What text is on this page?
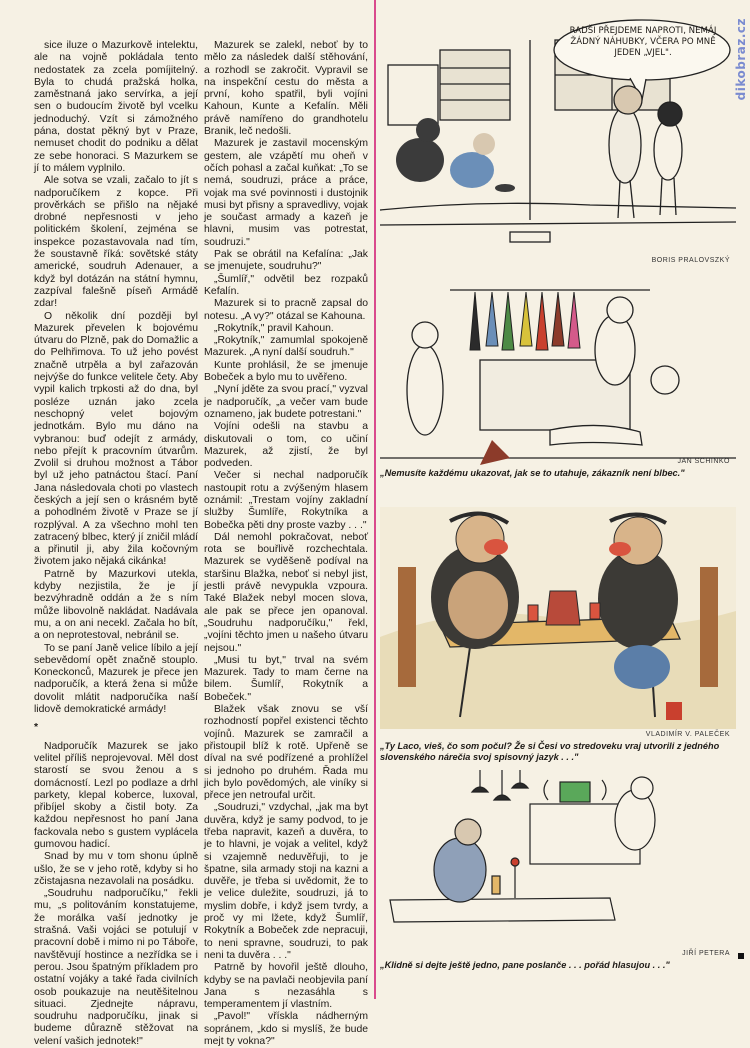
dikobraz.cz

sice iluze o Mazurkově intelektu, ale na vojně pokládala tento nedostatek za zcela pomíjitelný. Byla to chudá pražská holka, zaměstnaná jako servírka, a její sen o budoucím životě byl vcelku jednoduchý. Vzít si zámožného pána, dostat pěkný byt v Praze, nemuset chodit do podniku a dělat ze sebe honoraci. S Mazurkem se jí to málem vyplnilo.

Ale sotva se vzali, začalo to jít s nadporučíkem z kopce. Při prověrkách se přišlo na nějaké drobné nepřesnosti v jeho politickém školení, zejména se inspekce pozastavovala nad tím, že soustavně říká: sovětské státy americké, soudruh Adenauer, a když byl dotázán na státní hymnu, zazpíval falešně píseň Armádě zdar!

O několik dní později byl Mazurek převelen k bojovému útvaru do Plzně, pak do Domažlic a do Pelhřimova. To už jeho povést značně utrpěla a byl zařazován nejvýše do funkce velitele čety. Aby vypil kalich trpkosti až do dna, byl posléze uznán jako zcela neschopný velet bojovým jednotkám. Bylo mu dáno na vybranou: buď odejít z armády, nebo přejít k pracovním útvarům. Zvolil si druhou možnost a Tábor byl už jeho patnáctou štací. Paní Jana následovala choti po vlastech českých a její sen o krásném bytě a pohodlném životě v Praze se jí rozplýval. A za všechno mohl ten zatracený blbec, který jí zničil mládí a přinutil ji, aby žila kočovným životem jako nějaká cikánka!

Patrně by Mazurkovi utekla, kdyby nezjistila, že je jí bezvýhradně oddán a že s ním může libovolně nakládat. Nadávala mu, a on ani necekl. Začala ho bít, a on neprotestoval, nebránil se.

To se paní Janě velice líbilo a její sebevědomí opět značně stouplo. Koneckonců, Mazurek je přece jen nadporučík, a která žena si může dovolit mlátit nadporučíka naší lidově demokratické armády!

*

Nadporučík Mazurek se jako velitel příliš neprojevoval. Měl dost starostí se svou ženou a s domácností. Lezl po podlaze a drhl parkety, klepal koberce, luxoval, přibíjel skoby a čistil boty. Za každou nepřesnost ho paní Jana fackovala nebo s gustem vyplácela gumovou hadicí.

Snad by mu v tom shonu úplně ušlo, že se v jeho rotě, kdyby si ho zčistajasna nezavolali na posádku.

„Soudruhu nadporučíku," řekli mu, „s politováním konstatujeme, že morálka vaší jednotky je strašná. Vaši vojáci se potulují v pracovní době i mimo ni po Táboře, navštěvují hostince a nezřídka se i perou. Jsou špatným příkladem pro ostatní vojáky a také řada civilních osob poukazuje na neutěšitelnou situaci. Zjednejte nápravu, soudruhu nadporučíku, jinak si budeme důrazně stěžovat na velení vašich jednotek!"

Mazurek se zalekl, neboť by to mělo za následek další stěhování, a rozhodl se zakročit. Vypravil se na inspekční cestu do města a první, koho spatřil, byli vojíni Kahoun, Kunte a Kefalín. Měli právě namířeno do grandhotelu Branik, leč nedošli.

Mazurek je zastavil mocenským gestem, ale vzápětí mu oheň v očích pohasl a začal kuňkat: „To se nemá, soudruzi, práce a práce, vojak ma své povinnosti i dustojnik musi byt přisny a spravedlivy, vojak je součast armady a kazeň je hlavni, musim vas potrestat, soudruzi."

Pak se obrátil na Kefalína: „Jak se jmenujete, soudruhu?"

„Šumlíř," odvětil bez rozpaků Kefalín.

Mazurek si to pracně zapsal do notesu. „A vy?" otázal se Kahouna.

„Rokytník," pravil Kahoun.

„Rokytník," zamumlal spokojeně Mazurek. „A nyní další soudruh."

Kunte prohlásil, že se jmenuje Bobeček a bylo mu to uvěřeno.

„Nyní jděte za svou prací," vyzval je nadporučík, „a večer vam bude oznameno, jak budete potrestani."

Vojíni odešli na stavbu a diskutovali o tom, co učiní Mazurek, až zjistí, že byl podveden.

Večer si nechal nadporučík nastoupit rotu a zvýšeným hlasem oznámil: „Trestam vojíny zakladní služby Šumlíře, Rokytníka a Bobečka pěti dny proste vazby . . ."

Dál nemohl pokračovat, neboť rota se bouřlivě rozchechtala. Mazurek se vyděšeně podíval na staršinu Blažka, neboť si nebyl jist, jestli právě nevypukla vzpoura. Také Blažek nebyl mocen slova, ale pak se přece jen opanoval. „Soudruhu nadporučíku," řekl, „vojíni těchto jmen u našeho útvaru nejsou."

„Musi tu byt," trval na svém Mazurek. Tady to mam černe na bilem. Šumlíř, Rokytník a Bobeček."

Blažek však znovu se vší rozhodností popřel existenci těchto vojínů. Mazurek se zamračil a přistoupil blíž k rotě. Upřeně se díval na své podřízené a prohlížel si jednoho po druhém. Řada mu jich bylo povědomých, ale viníky si přece jen netroufal určit.

„Soudruzi," vzdychal, „jak ma byt duvěra, když je samy podvod, to je třeba napravit, kazeň a duvěra, to je to hlavni, je vojak a velitel, když si vzajemně neduvěřuji, to je špatne, sila armady stoji na kazni a duvěře, je třeba si uvědomit, že to je velice duležite, soudruzi, já to myslim dobře, i když jsem tvrdy, a proč vy mi lžete, když Šumlíř, Rokytník a Bobeček zde nepracuji, to neni spravne, soudruzi, to pak neni ta duvěra . . ."

Patrně by hovořil ještě dlouho, kdyby se na pavlači neobjevila paní Jana s nezasáhla s temperamentem jí vlastním.

„Pavol!" vřískla nádherným sopránem, „kdo si myslíš, že bude mejt ty vokna?"

RADŠI PŘEJDEME NAPROTI, NEMÁJ ŽÁDNÝ NÁHUBKY, VČERA PO MNĚ JEDEN „VJEL".
BORIS PRALOVSZKÝ
JAN SCHINKO
„Nemusíte každému ukazovat, jak se to utahuje, zákazník není blbec."
VLADIMÍR V. PALEČEK
„Ty Laco, vieš, čo som počul? Že si Česi vo stredoveku vraj utvorili z jedného slovenského nárečia svoj spisovný jazyk . . ."
JIŘÍ PETERA
„Klidně si dejte ještě jedno, pane poslanče . . . pořád hlasujou . . ."
